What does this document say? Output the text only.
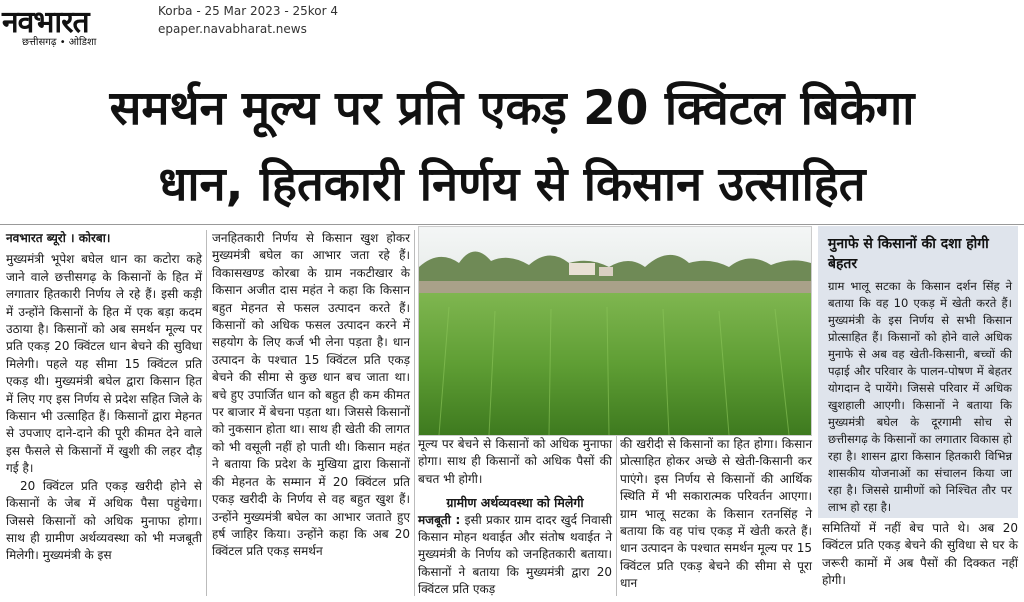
नवभारत
छत्तीसगढ़ • ओडिशा
Korba - 25 Mar 2023 - 25kor 4
epaper.navabharat.news
समर्थन मूल्य पर प्रति एकड़ 20 क्विंटल बिकेगा
धान, हितकारी निर्णय से किसान उत्साहित

नवभारत ब्यूरो । कोरबा।

मुख्यमंत्री भूपेश बघेल धान का कटोरा कहे जाने वाले छत्तीसगढ़ के किसानों के हित में लगातार हितकारी निर्णय ले रहे हैं। इसी कड़ी में उन्होंने किसानों के हित में एक बड़ा कदम उठाया है। किसानों को अब समर्थन मूल्य पर प्रति एकड़ 20 क्विंटल धान बेचने की सुविधा मिलेगी। पहले यह सीमा 15 क्विंटल प्रति एकड़ थी। मुख्यमंत्री बघेल द्वारा किसान हित में लिए गए इस निर्णय से प्रदेश सहित जिले के किसान भी उत्साहित हैं। किसानों द्वारा मेहनत से उपजाए दाने-दाने की पूरी कीमत देने वाले इस फैसले से किसानों में खुशी की लहर दौड़ गई है।

20 क्विंटल प्रति एकड़ खरीदी होने से किसानों के जेब में अधिक पैसा पहुंचेगा। जिससे किसानों को अधिक मुनाफा होगा। साथ ही ग्रामीण अर्थव्यवस्था को भी मजबूती मिलेगी। मुख्यमंत्री के इस

जनहितकारी निर्णय से किसान खुश होकर मुख्यमंत्री बघेल का आभार जता रहे हैं। विकासखण्ड कोरबा के ग्राम नकटीखार के किसान अजीत दास महंत ने कहा कि किसान बहुत मेहनत से फसल उत्पादन करते हैं। किसानों को अधिक फसल उत्पादन करने में सहयोग के लिए कर्ज भी लेना पड़ता है। धान उत्पादन के पश्चात 15 क्विंटल प्रति एकड़ बेचने की सीमा से कुछ धान बच जाता था। बचे हुए उपार्जित धान को बहुत ही कम कीमत पर बाजार में बेचना पड़ता था। जिससे किसानों को नुकसान होता था। साथ ही खेती की लागत को भी वसूली नहीं हो पाती थी। किसान महंत ने बताया कि प्रदेश के मुखिया द्वारा किसानों की मेहनत के सम्मान में 20 क्विंटल प्रति एकड़ खरीदी के निर्णय से वह बहुत खुश हैं। उन्होंने मुख्यमंत्री बघेल का आभार जताते हुए हर्ष जाहिर किया। उन्होंने कहा कि अब 20 क्विंटल प्रति एकड़ समर्थन

मूल्य पर बेचने से किसानों को अधिक मुनाफा होगा। साथ ही किसानों को अधिक पैसों की बचत भी होगी।

ग्रामीण अर्थव्यवस्था को मिलेगी

मजबूती : इसी प्रकार ग्राम दादर खुर्द निवासी किसान मोहन थवाईत और संतोष थवाईत ने मुख्यमंत्री के निर्णय को जनहितकारी बताया। किसानों ने बताया कि मुख्यमंत्री द्वारा 20 क्विंटल प्रति एकड़

की खरीदी से किसानों का हित होगा। किसान प्रोत्साहित होकर अच्छे से खेती-किसानी कर पाएंगे। इस निर्णय से किसानों की आर्थिक स्थिति में भी सकारात्मक परिवर्तन आएगा। ग्राम भालू सटका के किसान रतनसिंह ने बताया कि वह पांच एकड़ में खेती करते हैं। धान उत्पादन के पश्चात समर्थन मूल्य पर 15 क्विंटल प्रति एकड़ बेचने की सीमा से पूरा धान

मुनाफे से किसानों की दशा होगी बेहतर
ग्राम भालू सटका के किसान दर्शन सिंह ने बताया कि वह 10 एकड़ में खेती करते हैं। मुख्यमंत्री के इस निर्णय से सभी किसान प्रोत्साहित हैं। किसानों को होने वाले अधिक मुनाफे से अब वह खेती-किसानी, बच्चों की पढ़ाई और परिवार के पालन-पोषण में बेहतर योगदान दे पायेंगे। जिससे परिवार में अधिक खुशहाली आएगी। किसानों ने बताया कि मुख्यमंत्री बघेल के दूरगामी सोच से छत्तीसगढ़ के किसानों का लगातार विकास हो रहा है। शासन द्वारा किसान हितकारी विभिन्न शासकीय योजनाओं का संचालन किया जा रहा है। जिससे ग्रामीणों को निश्चित तौर पर लाभ हो रहा है।

समितियों में नहीं बेच पाते थे। अब 20 क्विंटल प्रति एकड़ बेचने की सुविधा से घर के जरूरी कामों में अब पैसों की दिक्कत नहीं होगी।
